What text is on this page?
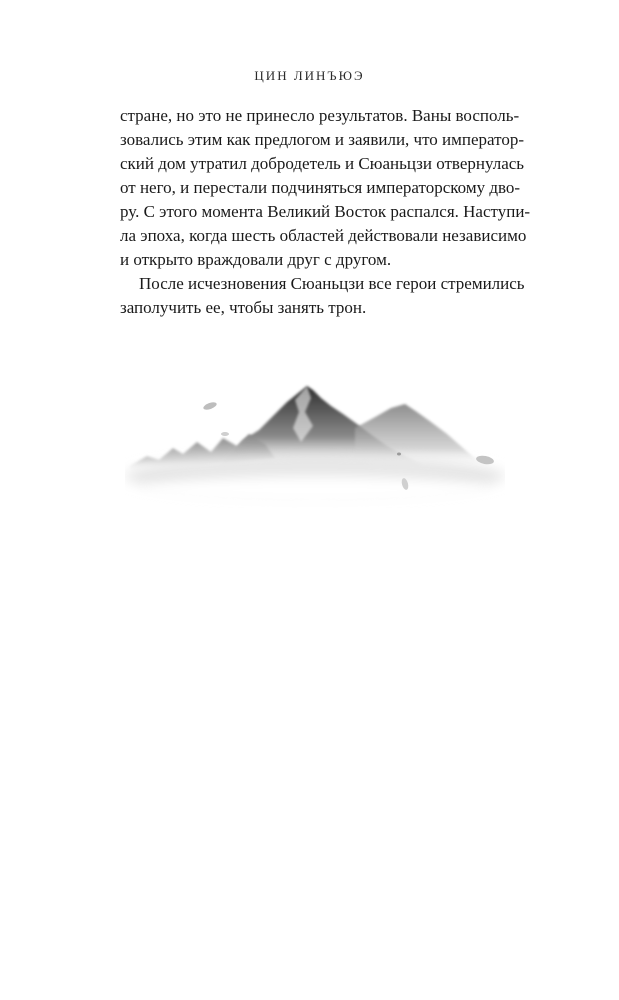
ЦИН ЛИНЪЮЭ
стране, но это не принесло результатов. Ваны восполь-
зовались этим как предлогом и заявили, что император-
ский дом утратил добродетель и Сюаньцзи отвернулась
от него, и перестали подчиняться императорскому дво-
ру. С этого момента Великий Восток распался. Наступи-
ла эпоха, когда шесть областей действовали независимо
и открыто враждовали друг с другом.
После исчезновения Сюаньцзи все герои стремились
заполучить ее, чтобы занять трон.
